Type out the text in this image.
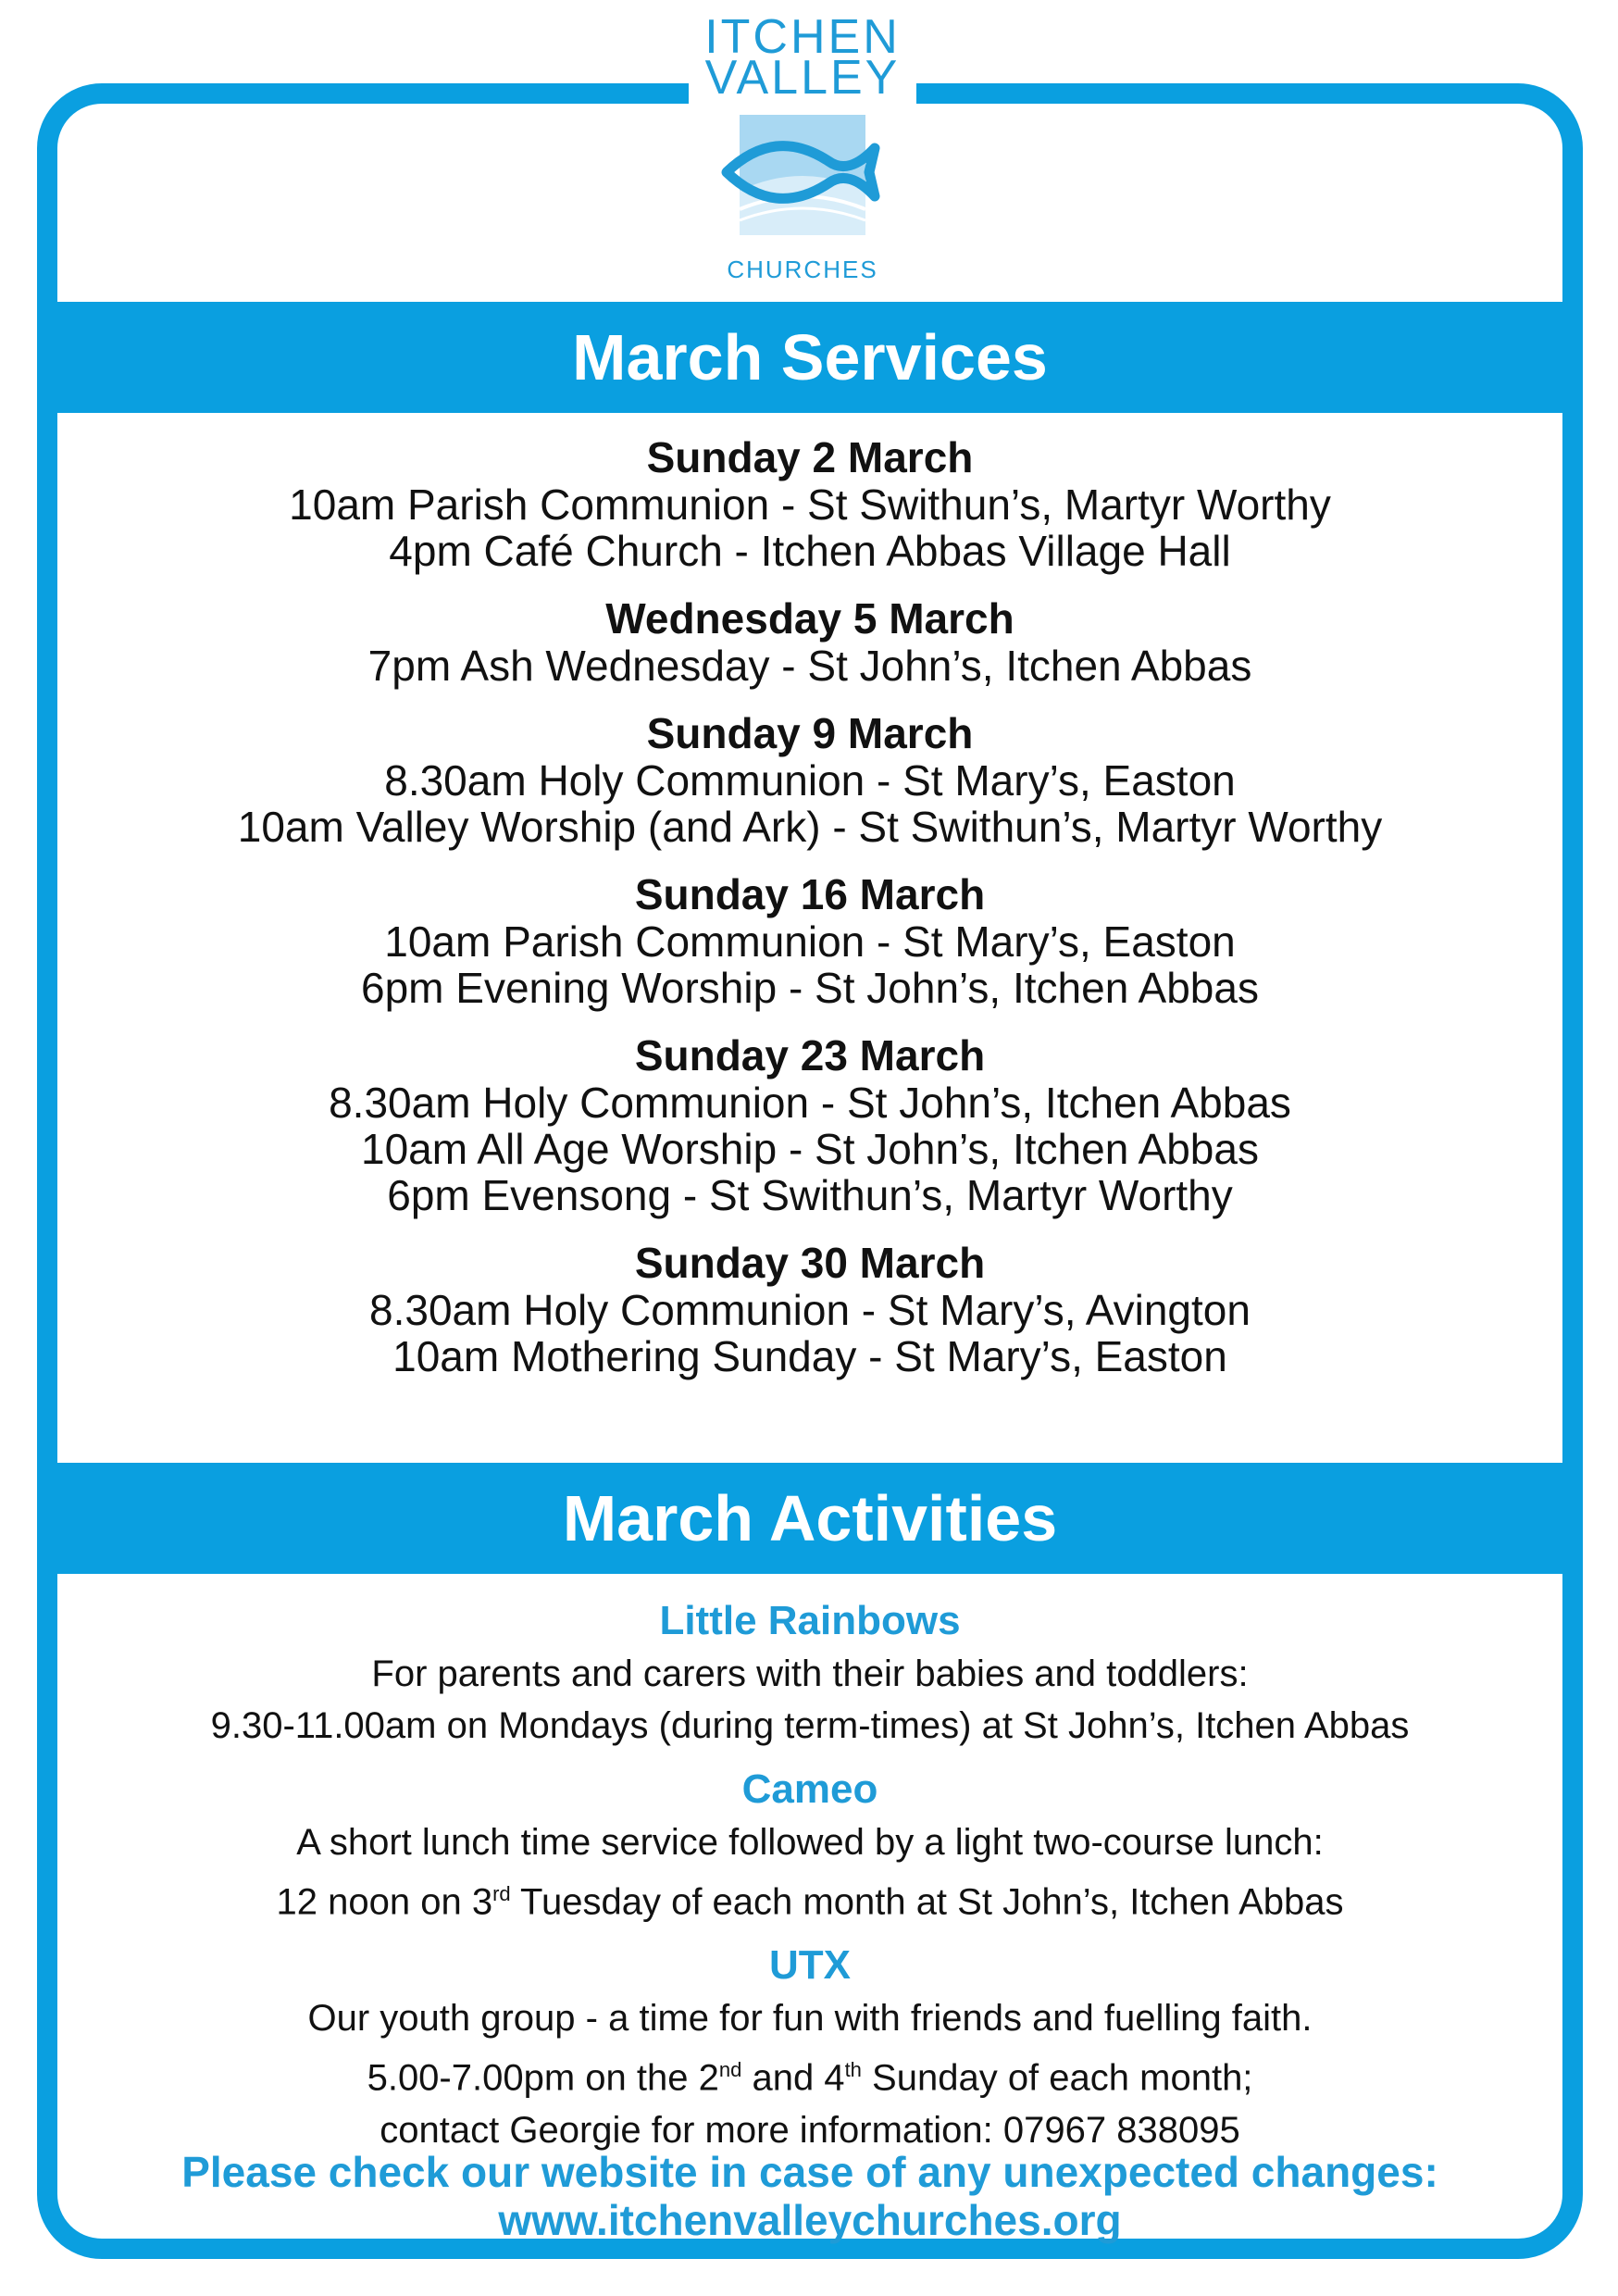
ITCHEN
VALLEY
CHURCHES
March Services
Sunday 2 March
10am Parish Communion - St Swithun’s, Martyr Worthy
4pm Café Church - Itchen Abbas Village Hall
Wednesday 5 March
7pm Ash Wednesday - St John’s, Itchen Abbas
Sunday 9 March
8.30am Holy Communion - St Mary’s, Easton
10am Valley Worship (and Ark) - St Swithun’s, Martyr Worthy
Sunday 16 March
10am Parish Communion - St Mary’s, Easton
6pm Evening Worship - St John’s, Itchen Abbas
Sunday 23 March
8.30am Holy Communion - St John’s, Itchen Abbas
10am All Age Worship - St John’s, Itchen Abbas
6pm Evensong - St Swithun’s, Martyr Worthy
Sunday 30 March
8.30am Holy Communion - St Mary’s, Avington
10am Mothering Sunday - St Mary’s, Easton
March Activities
Little Rainbows
For parents and carers with their babies and toddlers:
9.30-11.00am on Mondays (during term-times) at St John’s, Itchen Abbas
Cameo
A short lunch time service followed by a light two-course lunch:
12 noon on 3rd Tuesday of each month at St John’s, Itchen Abbas
UTX
Our youth group - a time for fun with friends and fuelling faith.
5.00-7.00pm on the 2nd and 4th Sunday of each month;
contact Georgie for more information: 07967 838095
Please check our website in case of any unexpected changes:
www.itchenvalleychurches.org
